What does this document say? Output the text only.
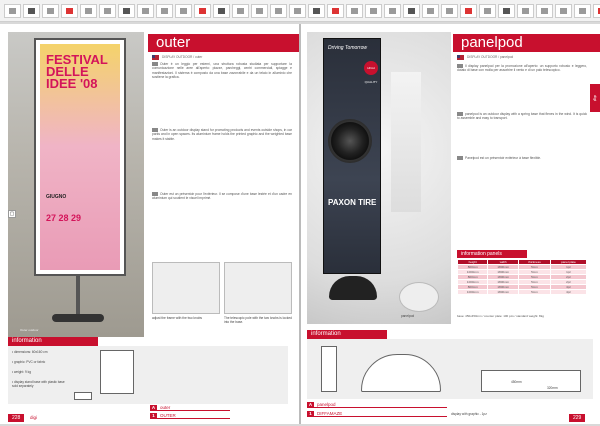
FESTIVAL DELLE IDEE '08
GIUGNO
27 28 29
Outer outdoor
▢
outer
DISPLAY OUTDOOR / outer
Outer è un leggio per esterni, una struttura robusta studiata per supportare la comunicazione nelle aree all'aperto: piazze, parcheggi, centri commerciali, spiagge e manifestazioni. Il sistema è composto da una base zavorrabile e da un telaio in alluminio che sostiene la grafica.
Outer is an outdoor display stand for promoting products and events outside shops, in car parks and in open spaces. Its aluminium frame holds the printed graphic and the weighted base makes it stable.
Outer est un présentoir pour l'extérieur. Il se compose d'une base lestée et d'un cadre en aluminium qui soutient le visuel imprimé.
adjust the frame with the two knobs	The telescopic pole with the two knobs is locked into the base.
information
• dimensions: 60x160 cm
• graphic: PVC or fabric
• weight: 9 kg
• display stand base with plastic base sold separately
A outer
1 OUTER
228	digi
Driving Tomorrow
HIGH QUALITY
PAXON TIRE
panelpod
panelpod
DISPLAY OUTDOOR / panelpod
digi
Il display panelpod per la promozione all'aperto: un supporto robusto e leggero, dotato di base con molla per assorbire il vento e di un palo telescopico.
panelpod is an outdoor display with a spring base that flexes in the wind. It is quick to assemble and easy to transport.
Panelpod est un présentoir extérieur à base flexible.
information panels
height	width	thickness	panel plate
800mm	1800mm	5mm	1pz
1000mm	1800mm	5mm	1pz
800mm	1800mm	5mm	2pz
1000mm	1800mm	5mm	2pz
800mm	1800mm	5mm	4pz
1000mm	1800mm	5mm	4pz
base: 450x450mm / counter plate: 100 pcs / standard weight: 8kg
information
450mm
320mm
A panelpod
1 DIFFAMAZE	display with graphic - 1pz
229
